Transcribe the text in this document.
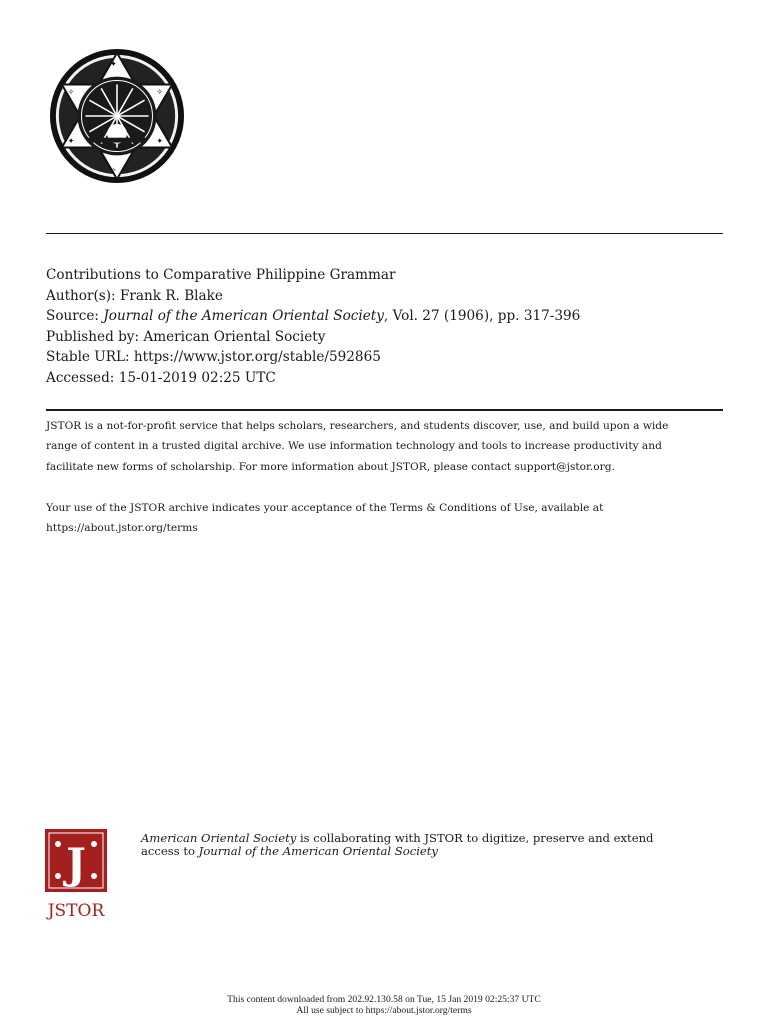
✦
✧
✦
✧
✦
✧
Contributions to Comparative Philippine Grammar
Author(s): Frank R. Blake
Source: Journal of the American Oriental Society, Vol. 27 (1906), pp. 317-396
Published by: American Oriental Society
Stable URL: https://www.jstor.org/stable/592865
Accessed: 15-01-2019 02:25 UTC
JSTOR is a not-for-profit service that helps scholars, researchers, and students discover, use, and build upon a wide
range of content in a trusted digital archive. We use information technology and tools to increase productivity and
facilitate new forms of scholarship. For more information about JSTOR, please contact support@jstor.org.
Your use of the JSTOR archive indicates your acceptance of the Terms & Conditions of Use, available at
https://about.jstor.org/terms
J
JSTOR
American Oriental Society is collaborating with JSTOR to digitize, preserve and extend
access to Journal of the American Oriental Society
This content downloaded from 202.92.130.58 on Tue, 15 Jan 2019 02:25:37 UTC
All use subject to https://about.jstor.org/terms
